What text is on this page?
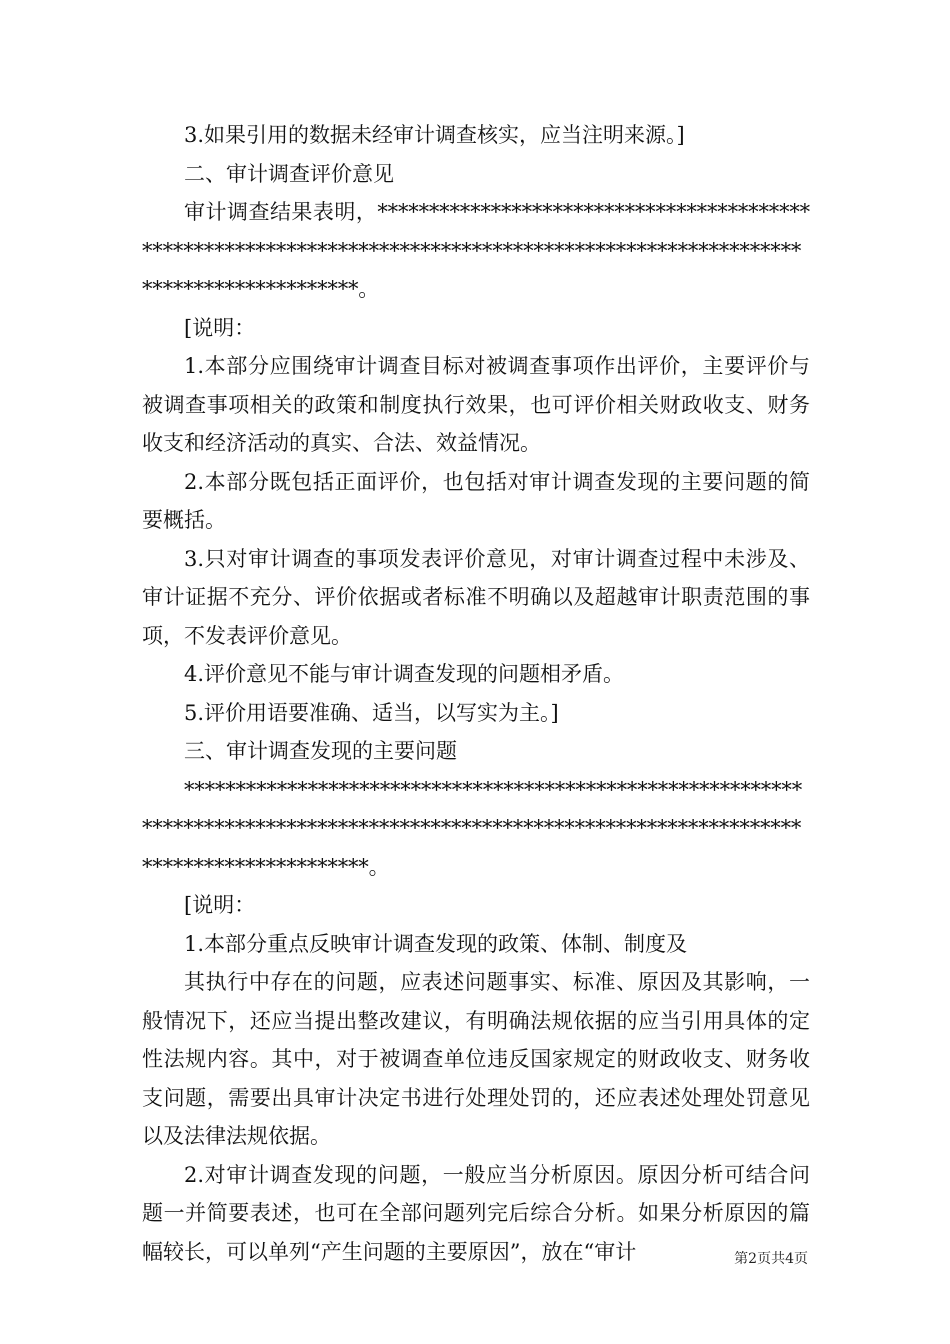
3.如果引用的数据未经审计调查核实，应当注明来源。]

二、审计调查评价意见

审计调查结果表明，*******************************************************************************************************************************。

[说明：

1.本部分应围绕审计调查目标对被调查事项作出评价，主要评价与被调查事项相关的政策和制度执行效果，也可评价相关财政收支、财务收支和经济活动的真实、合法、效益情况。

2.本部分既包括正面评价，也包括对审计调查发现的主要问题的简要概括。

3.只对审计调查的事项发表评价意见，对审计调查过程中未涉及、审计证据不充分、评价依据或者标准不明确以及超越审计职责范围的事项，不发表评价意见。

4.评价意见不能与审计调查发现的问题相矛盾。

5.评价用语要准确、适当，以写实为主。]

三、审计调查发现的主要问题

**************************************************************************************************************************************************。

[说明：

1.本部分重点反映审计调查发现的政策、体制、制度及

其执行中存在的问题，应表述问题事实、标准、原因及其影响，一般情况下，还应当提出整改建议，有明确法规依据的应当引用具体的定性法规内容。其中，对于被调查单位违反国家规定的财政收支、财务收支问题，需要出具审计决定书进行处理处罚的，还应表述处理处罚意见以及法律法规依据。

2.对审计调查发现的问题，一般应当分析原因。原因分析可结合问题一并简要表述，也可在全部问题列完后综合分析。如果分析原因的篇幅较长，可以单列“产生问题的主要原因”，放在“审计	第2页共4页
